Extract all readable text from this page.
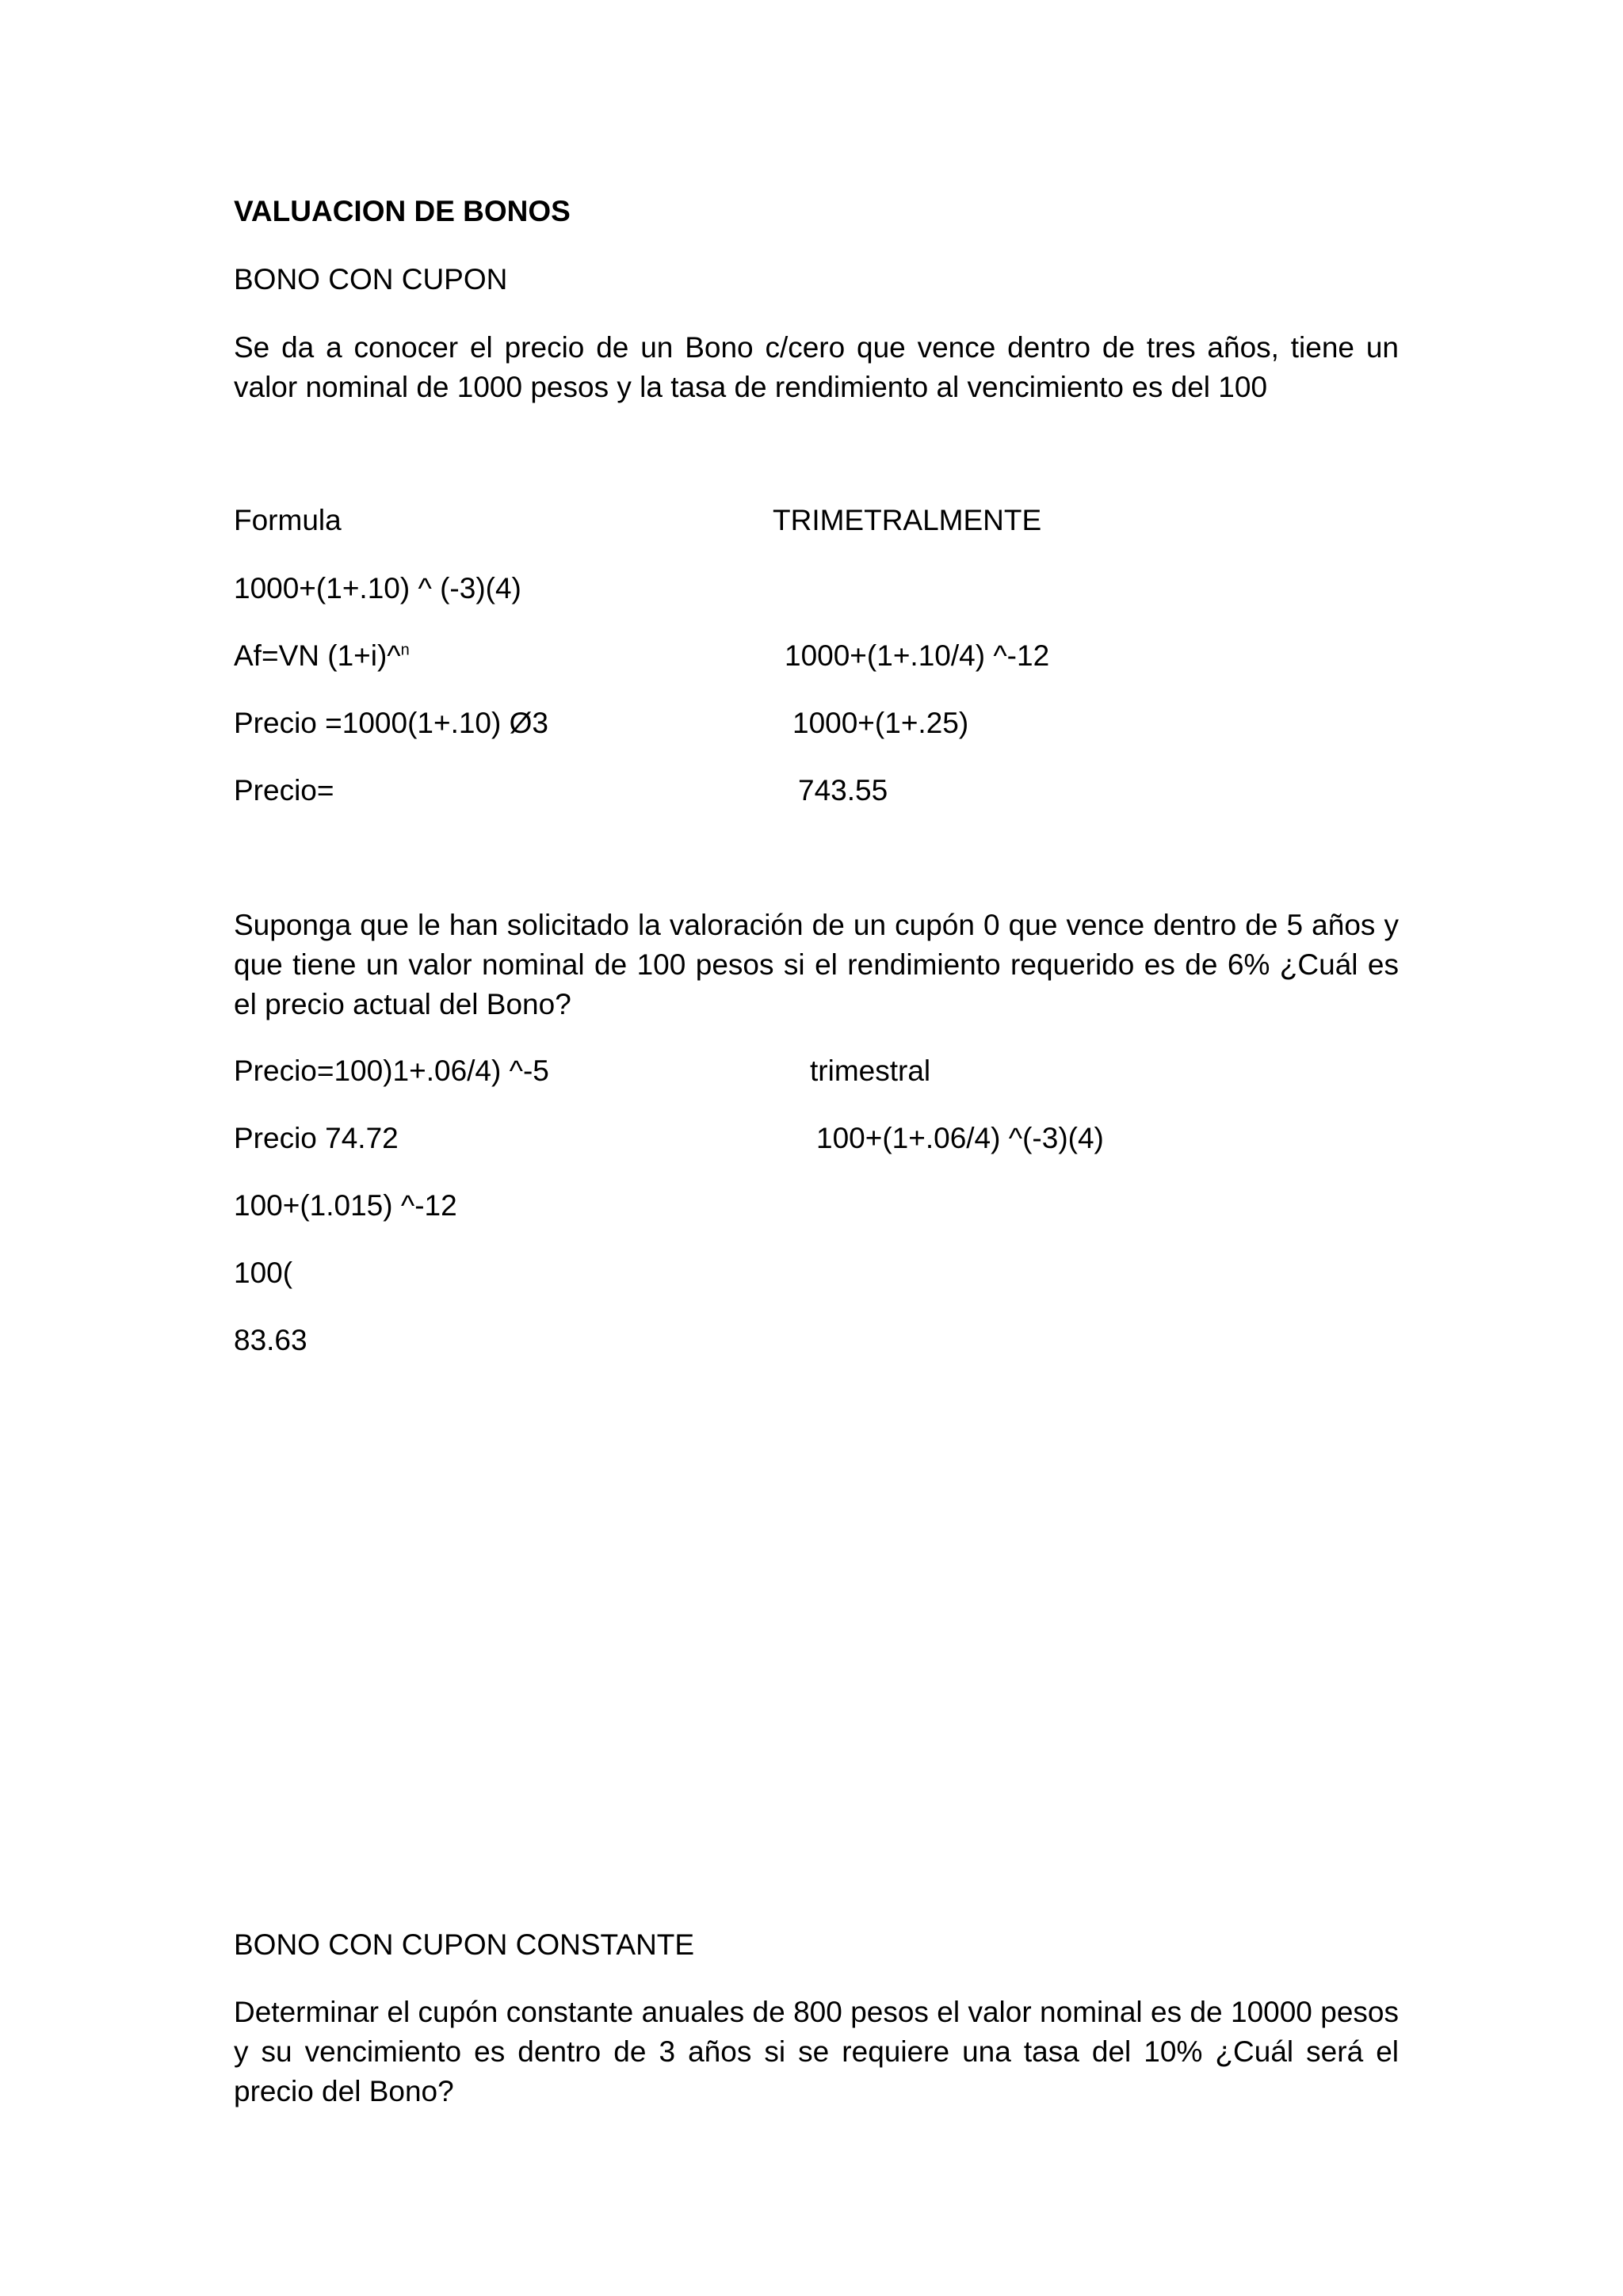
VALUACION DE BONOS
BONO CON CUPON
Se da a conocer el precio de un Bono c/cero que vence dentro de tres años, tiene un valor nominal de 1000 pesos y la tasa de rendimiento al vencimiento es del 100
Formula	TRIMETRALMENTE
1000+(1+.10) ^ (-3)(4)
Af=VN (1+i)^$^n$	1000+(1+.10/4) ^-12
Precio =1000(1+.10) Ø3	1000+(1+.25)
Precio=	743.55
Suponga que le han solicitado la valoración de un cupón 0 que vence dentro de 5 años y que tiene un valor nominal de 100 pesos si el rendimiento requerido es de 6% ¿Cuál es el precio actual del Bono?
Precio=100)1+.06/4) ^-5	trimestral
Precio 74.72	100+(1+.06/4) ^(-3)(4)
100+(1.015) ^-12
100(
83.63
BONO CON CUPON CONSTANTE
Determinar el cupón constante anuales de 800 pesos el valor nominal es de 10000 pesos y su vencimiento es dentro de 3 años si se requiere una tasa del 10% ¿Cuál será el precio del Bono?
